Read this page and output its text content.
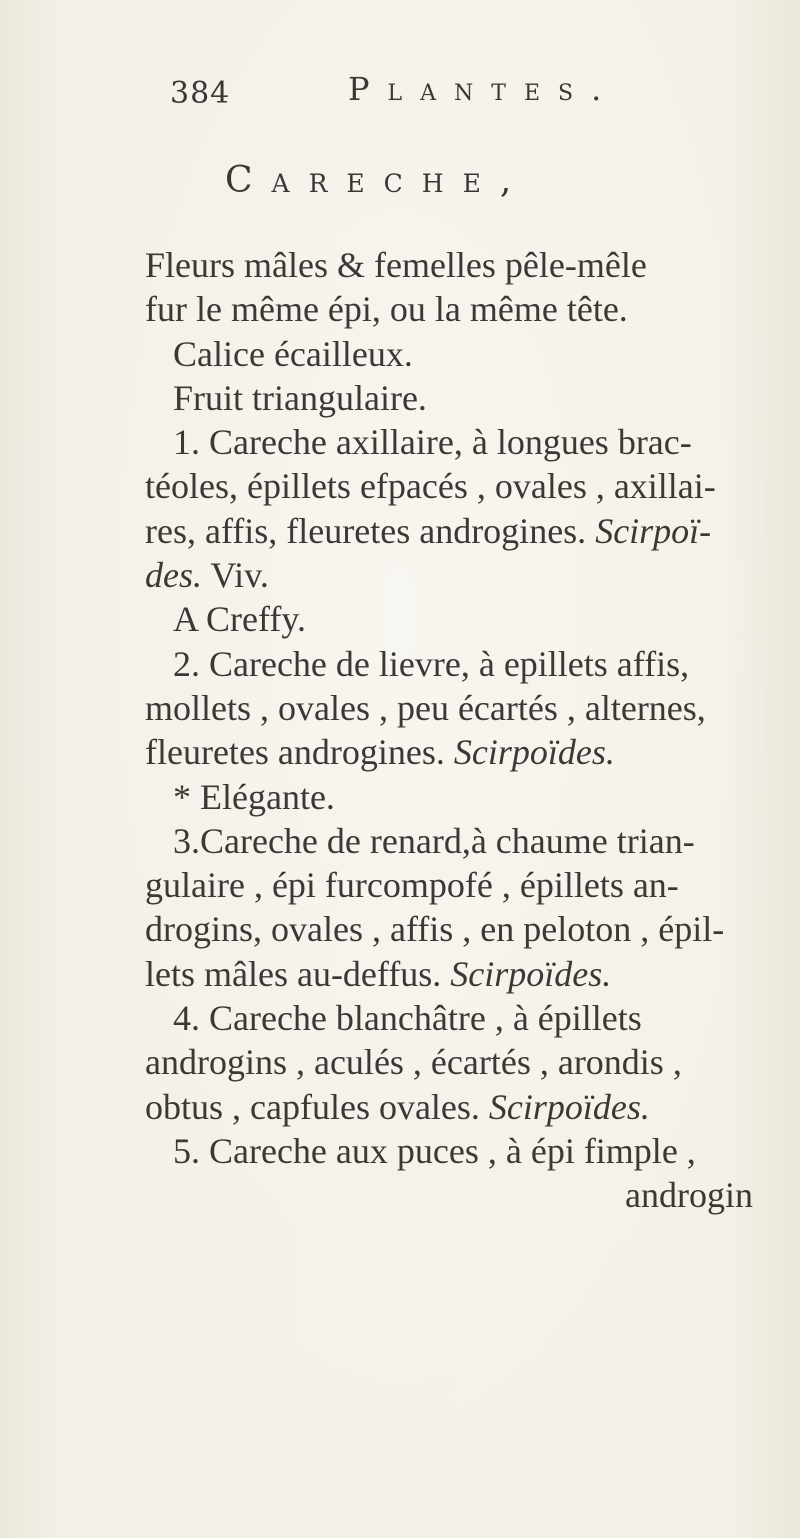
384	Plantes.
Careche,
Fleurs mâles & femelles pêle-mêle
fur le même épi, ou la même tête.
Calice écailleux.
Fruit triangulaire.
1. Careche axillaire, à longues brac-
téoles, épillets efpacés , ovales , axillai-
res, affis, fleuretes androgines. Scirpoï-
des. Viv.
A Creffy.
2. Careche de lievre, à epillets affis,
mollets , ovales , peu écartés , alternes,
fleuretes androgines. Scirpoïdes.
* Elégante.
3.Careche de renard,à chaume trian-
gulaire , épi furcompofé , épillets an-
drogins, ovales , affis , en peloton , épil-
lets mâles au-deffus. Scirpoïdes.
4. Careche blanchâtre , à épillets
androgins , aculés , écartés , arondis ,
obtus , capfules ovales. Scirpoïdes.
5. Careche aux puces , à épi fimple ,
androgin
